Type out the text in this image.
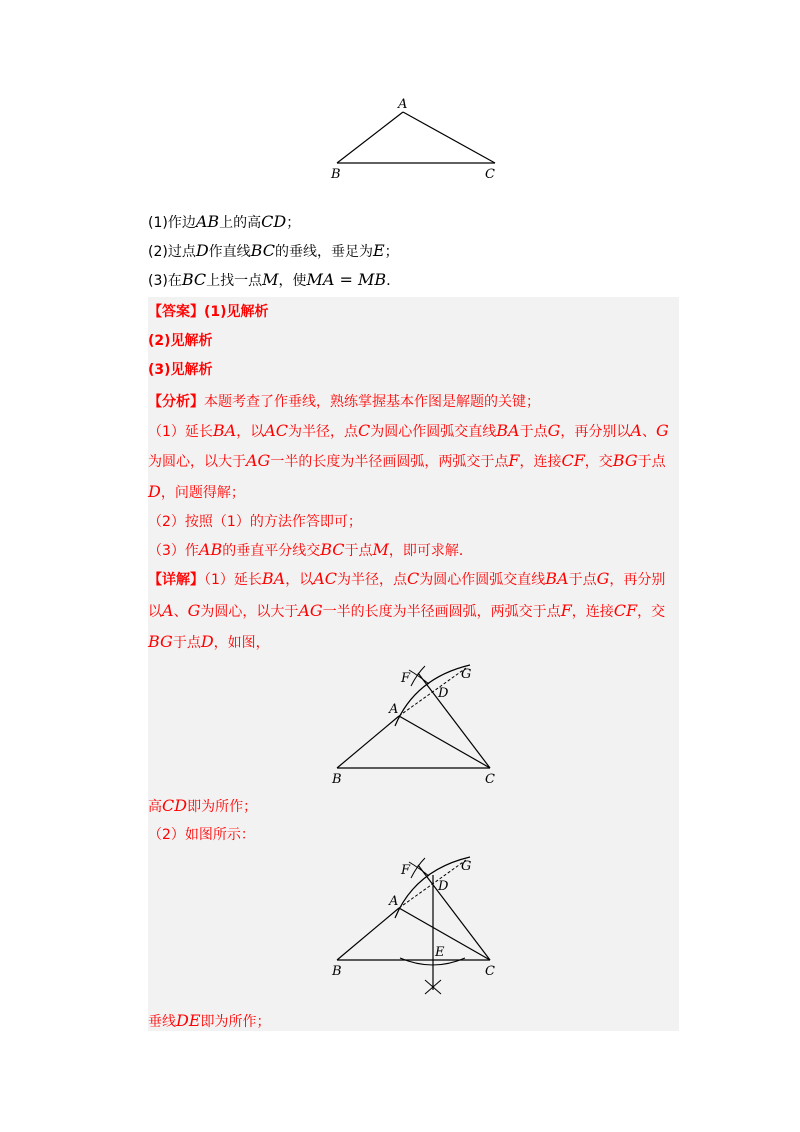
A
B	C
(1)作边AB上的高CD；
(2)过点D作直线BC的垂线，垂足为E；
(3)在BC上找一点M，使MA = MB．
【答案】(1)见解析
(2)见解析
(3)见解析
【分析】本题考查了作垂线，熟练掌握基本作图是解题的关键；
（1）延长BA，以AC为半径，点C为圆心作圆弧交直线BA于点G，再分别以A、G
为圆心，以大于AG一半的长度为半径画圆弧，两弧交于点F，连接CF，交BG于点
D，问题得解；
（2）按照（1）的方法作答即可；
（3）作AB的垂直平分线交BC于点M，即可求解．
【详解】（1）延长BA，以AC为半径，点C为圆心作圆弧交直线BA于点G，再分别
以A、G为圆心，以大于AG一半的长度为半径画圆弧，两弧交于点F，连接CF，交
BG于点D，如图，
F	G
D
A
B	C
高CD即为所作；
（2）如图所示：
F	G
D
A
E
B	C
垂线DE即为所作；
